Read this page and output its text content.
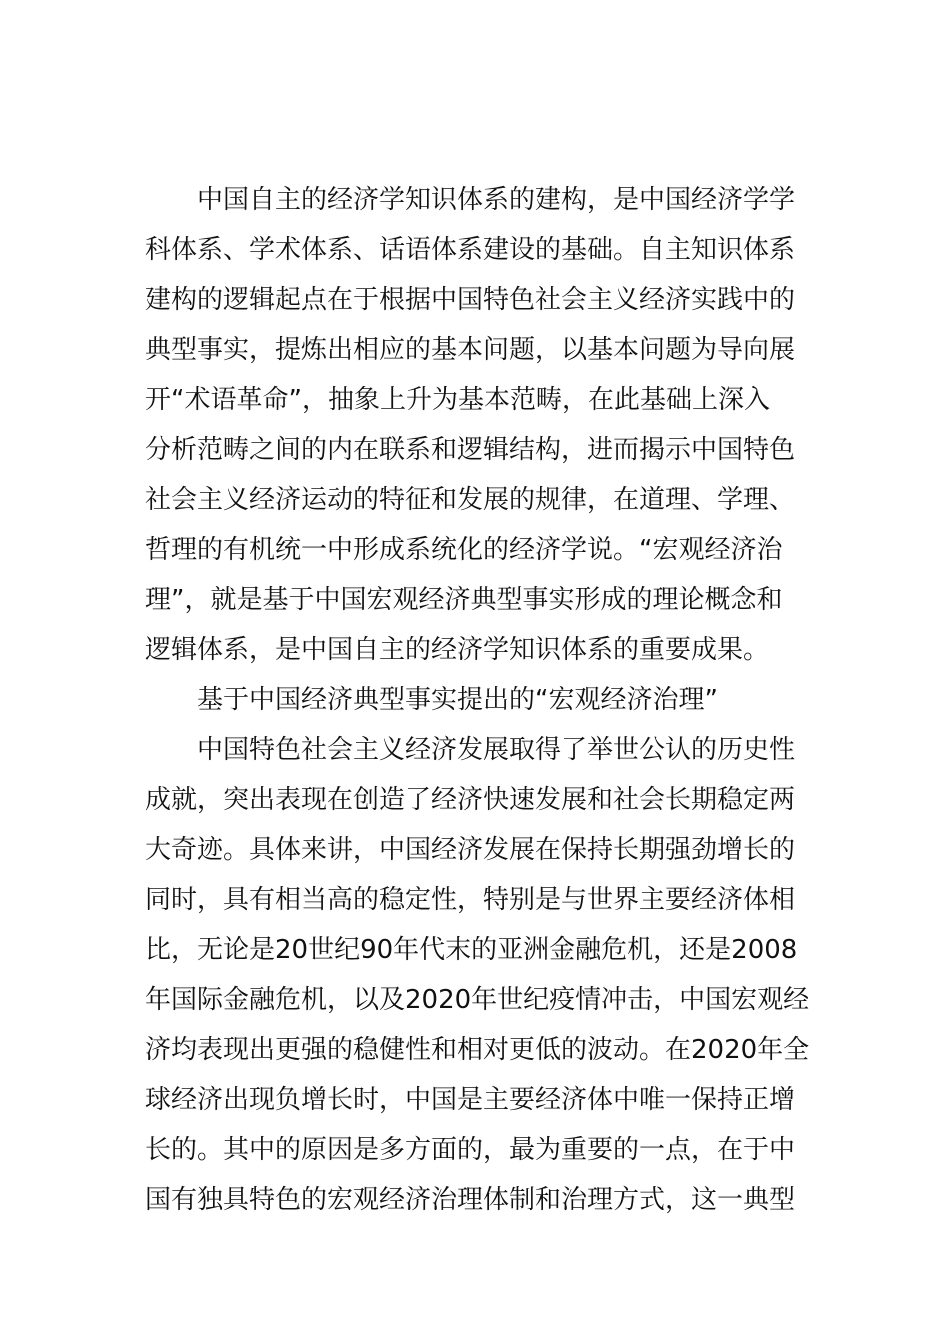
中国自主的经济学知识体系的建构，是中国经济学学

科体系、学术体系、话语体系建设的基础。自主知识体系

建构的逻辑起点在于根据中国特色社会主义经济实践中的

典型事实，提炼出相应的基本问题，以基本问题为导向展

开“术语革命”，抽象上升为基本范畴，在此基础上深入

分析范畴之间的内在联系和逻辑结构，进而揭示中国特色

社会主义经济运动的特征和发展的规律，在道理、学理、

哲理的有机统一中形成系统化的经济学说。“宏观经济治

理”，就是基于中国宏观经济典型事实形成的理论概念和

逻辑体系，是中国自主的经济学知识体系的重要成果。

基于中国经济典型事实提出的“宏观经济治理”

中国特色社会主义经济发展取得了举世公认的历史性

成就，突出表现在创造了经济快速发展和社会长期稳定两

大奇迹。具体来讲，中国经济发展在保持长期强劲增长的

同时，具有相当高的稳定性，特别是与世界主要经济体相

比，无论是20世纪90年代末的亚洲金融危机，还是2008

年国际金融危机，以及2020年世纪疫情冲击，中国宏观经

济均表现出更强的稳健性和相对更低的波动。在2020年全

球经济出现负增长时，中国是主要经济体中唯一保持正增

长的。其中的原因是多方面的，最为重要的一点，在于中

国有独具特色的宏观经济治理体制和治理方式，这一典型
